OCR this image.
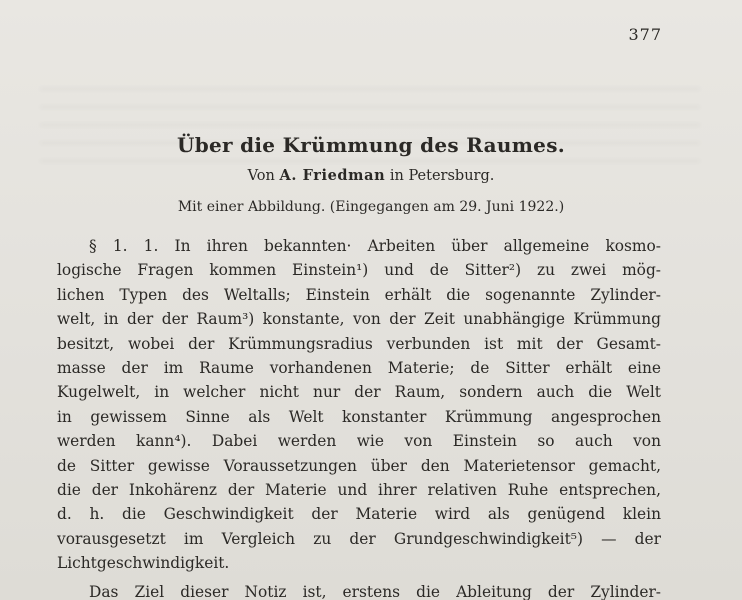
377
Über die Krümmung des Raumes.
Von A. Friedman in Petersburg.
Mit einer Abbildung. (Eingegangen am 29. Juni 1922.)
§ 1. 1. In ihren bekannten· Arbeiten über allgemeine kosmo-
logische Fragen kommen Einstein¹) und de Sitter²) zu zwei mög-
lichen Typen des Weltalls; Einstein erhält die sogenannte Zylinder-
welt, in der der Raum³) konstante, von der Zeit unabhängige Krümmung
besitzt, wobei der Krümmungsradius verbunden ist mit der Gesamt-
masse der im Raume vorhandenen Materie; de Sitter erhält eine
Kugelwelt, in welcher nicht nur der Raum, sondern auch die Welt
in gewissem Sinne als Welt konstanter Krümmung angesprochen
werden kann⁴). Dabei werden wie von Einstein so auch von
de Sitter gewisse Voraussetzungen über den Materietensor gemacht,
die der Inkohärenz der Materie und ihrer relativen Ruhe entsprechen,
d. h. die Geschwindigkeit der Materie wird als genügend klein
vorausgesetzt im Vergleich zu der Grundgeschwindigkeit⁵) — der
Lichtgeschwindigkeit.
Das Ziel dieser Notiz ist, erstens die Ableitung der Zylinder-
